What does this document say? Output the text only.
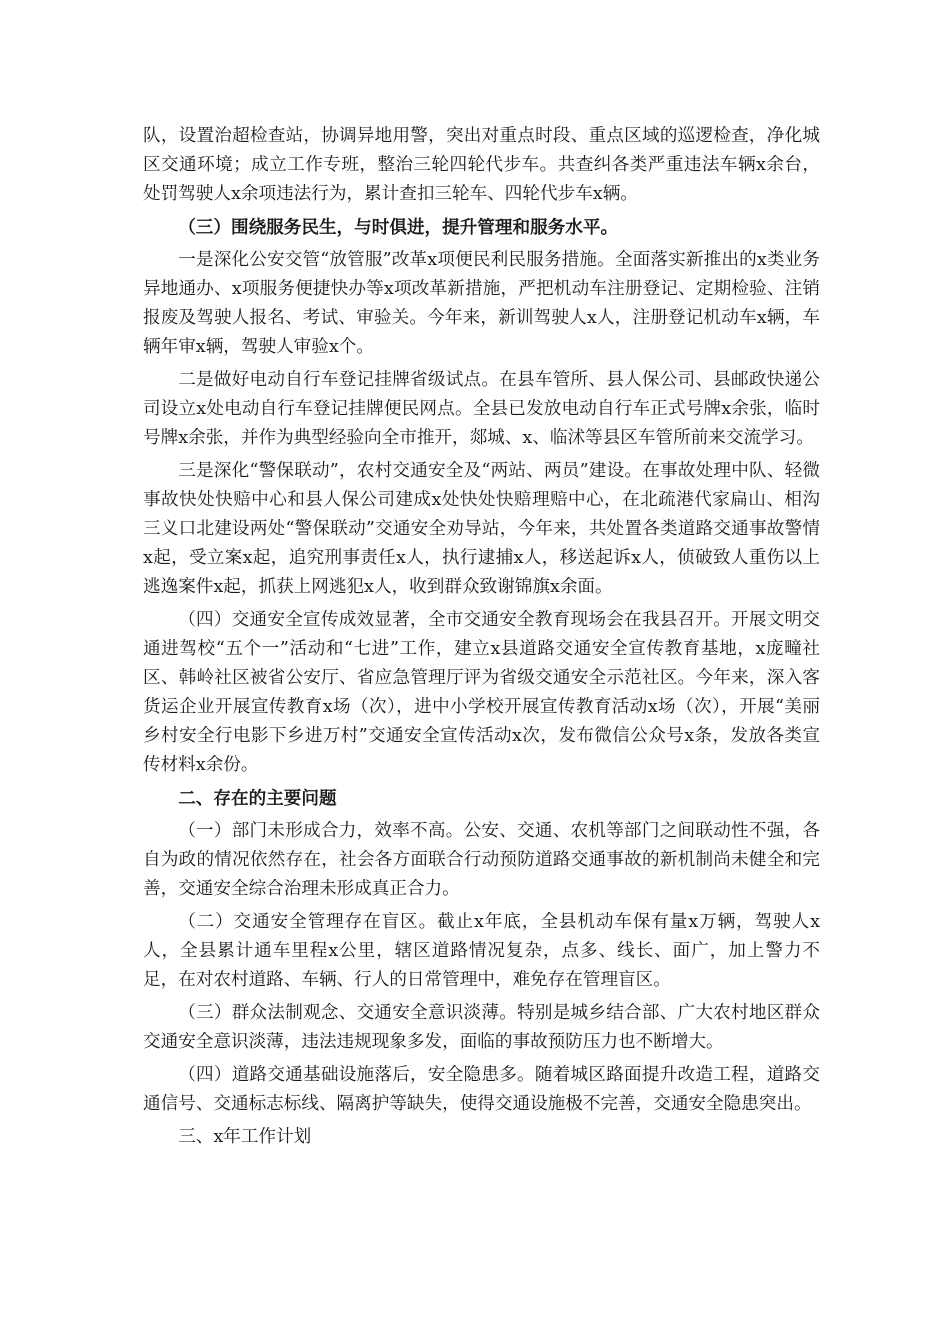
队，设置治超检查站，协调异地用警，突出对重点时段、重点区域的巡逻检查，净化城区交通环境；成立工作专班，整治三轮四轮代步车。共查纠各类严重违法车辆x余台，处罚驾驶人x余项违法行为，累计查扣三轮车、四轮代步车x辆。

（三）围绕服务民生，与时俱进，提升管理和服务水平。

一是深化公安交管“放管服”改革x项便民利民服务措施。全面落实新推出的x类业务异地通办、x项服务便捷快办等x项改革新措施，严把机动车注册登记、定期检验、注销报废及驾驶人报名、考试、审验关。今年来，新训驾驶人x人，注册登记机动车x辆，车辆年审x辆，驾驶人审验x个。

二是做好电动自行车登记挂牌省级试点。在县车管所、县人保公司、县邮政快递公司设立x处电动自行车登记挂牌便民网点。全县已发放电动自行车正式号牌x余张，临时号牌x余张，并作为典型经验向全市推开，郯城、x、临沭等县区车管所前来交流学习。

三是深化“警保联动”，农村交通安全及“两站、两员”建设。在事故处理中队、轻微事故快处快赔中心和县人保公司建成x处快处快赔理赔中心，在北疏港代家扁山、相沟三义口北建设两处“警保联动”交通安全劝导站，今年来，共处置各类道路交通事故警情x起，受立案x起，追究刑事责任x人，执行逮捕x人，移送起诉x人，侦破致人重伤以上逃逸案件x起，抓获上网逃犯x人，收到群众致谢锦旗x余面。

（四）交通安全宣传成效显著，全市交通安全教育现场会在我县召开。开展文明交通进驾校“五个一”活动和“七进”工作，建立x县道路交通安全宣传教育基地，x庞疃社区、韩岭社区被省公安厅、省应急管理厅评为省级交通安全示范社区。今年来，深入客货运企业开展宣传教育x场（次），进中小学校开展宣传教育活动x场（次），开展“美丽乡村安全行电影下乡进万村”交通安全宣传活动x次，发布微信公众号x条，发放各类宣传材料x余份。

二、存在的主要问题

（一）部门未形成合力，效率不高。公安、交通、农机等部门之间联动性不强，各自为政的情况依然存在，社会各方面联合行动预防道路交通事故的新机制尚未健全和完善，交通安全综合治理未形成真正合力。

（二）交通安全管理存在盲区。截止x年底，全县机动车保有量x万辆，驾驶人x人，全县累计通车里程x公里，辖区道路情况复杂，点多、线长、面广，加上警力不足，在对农村道路、车辆、行人的日常管理中，难免存在管理盲区。

（三）群众法制观念、交通安全意识淡薄。特别是城乡结合部、广大农村地区群众交通安全意识淡薄，违法违规现象多发，面临的事故预防压力也不断增大。

（四）道路交通基础设施落后，安全隐患多。随着城区路面提升改造工程，道路交通信号、交通标志标线、隔离护等缺失，使得交通设施极不完善，交通安全隐患突出。

三、x年工作计划
